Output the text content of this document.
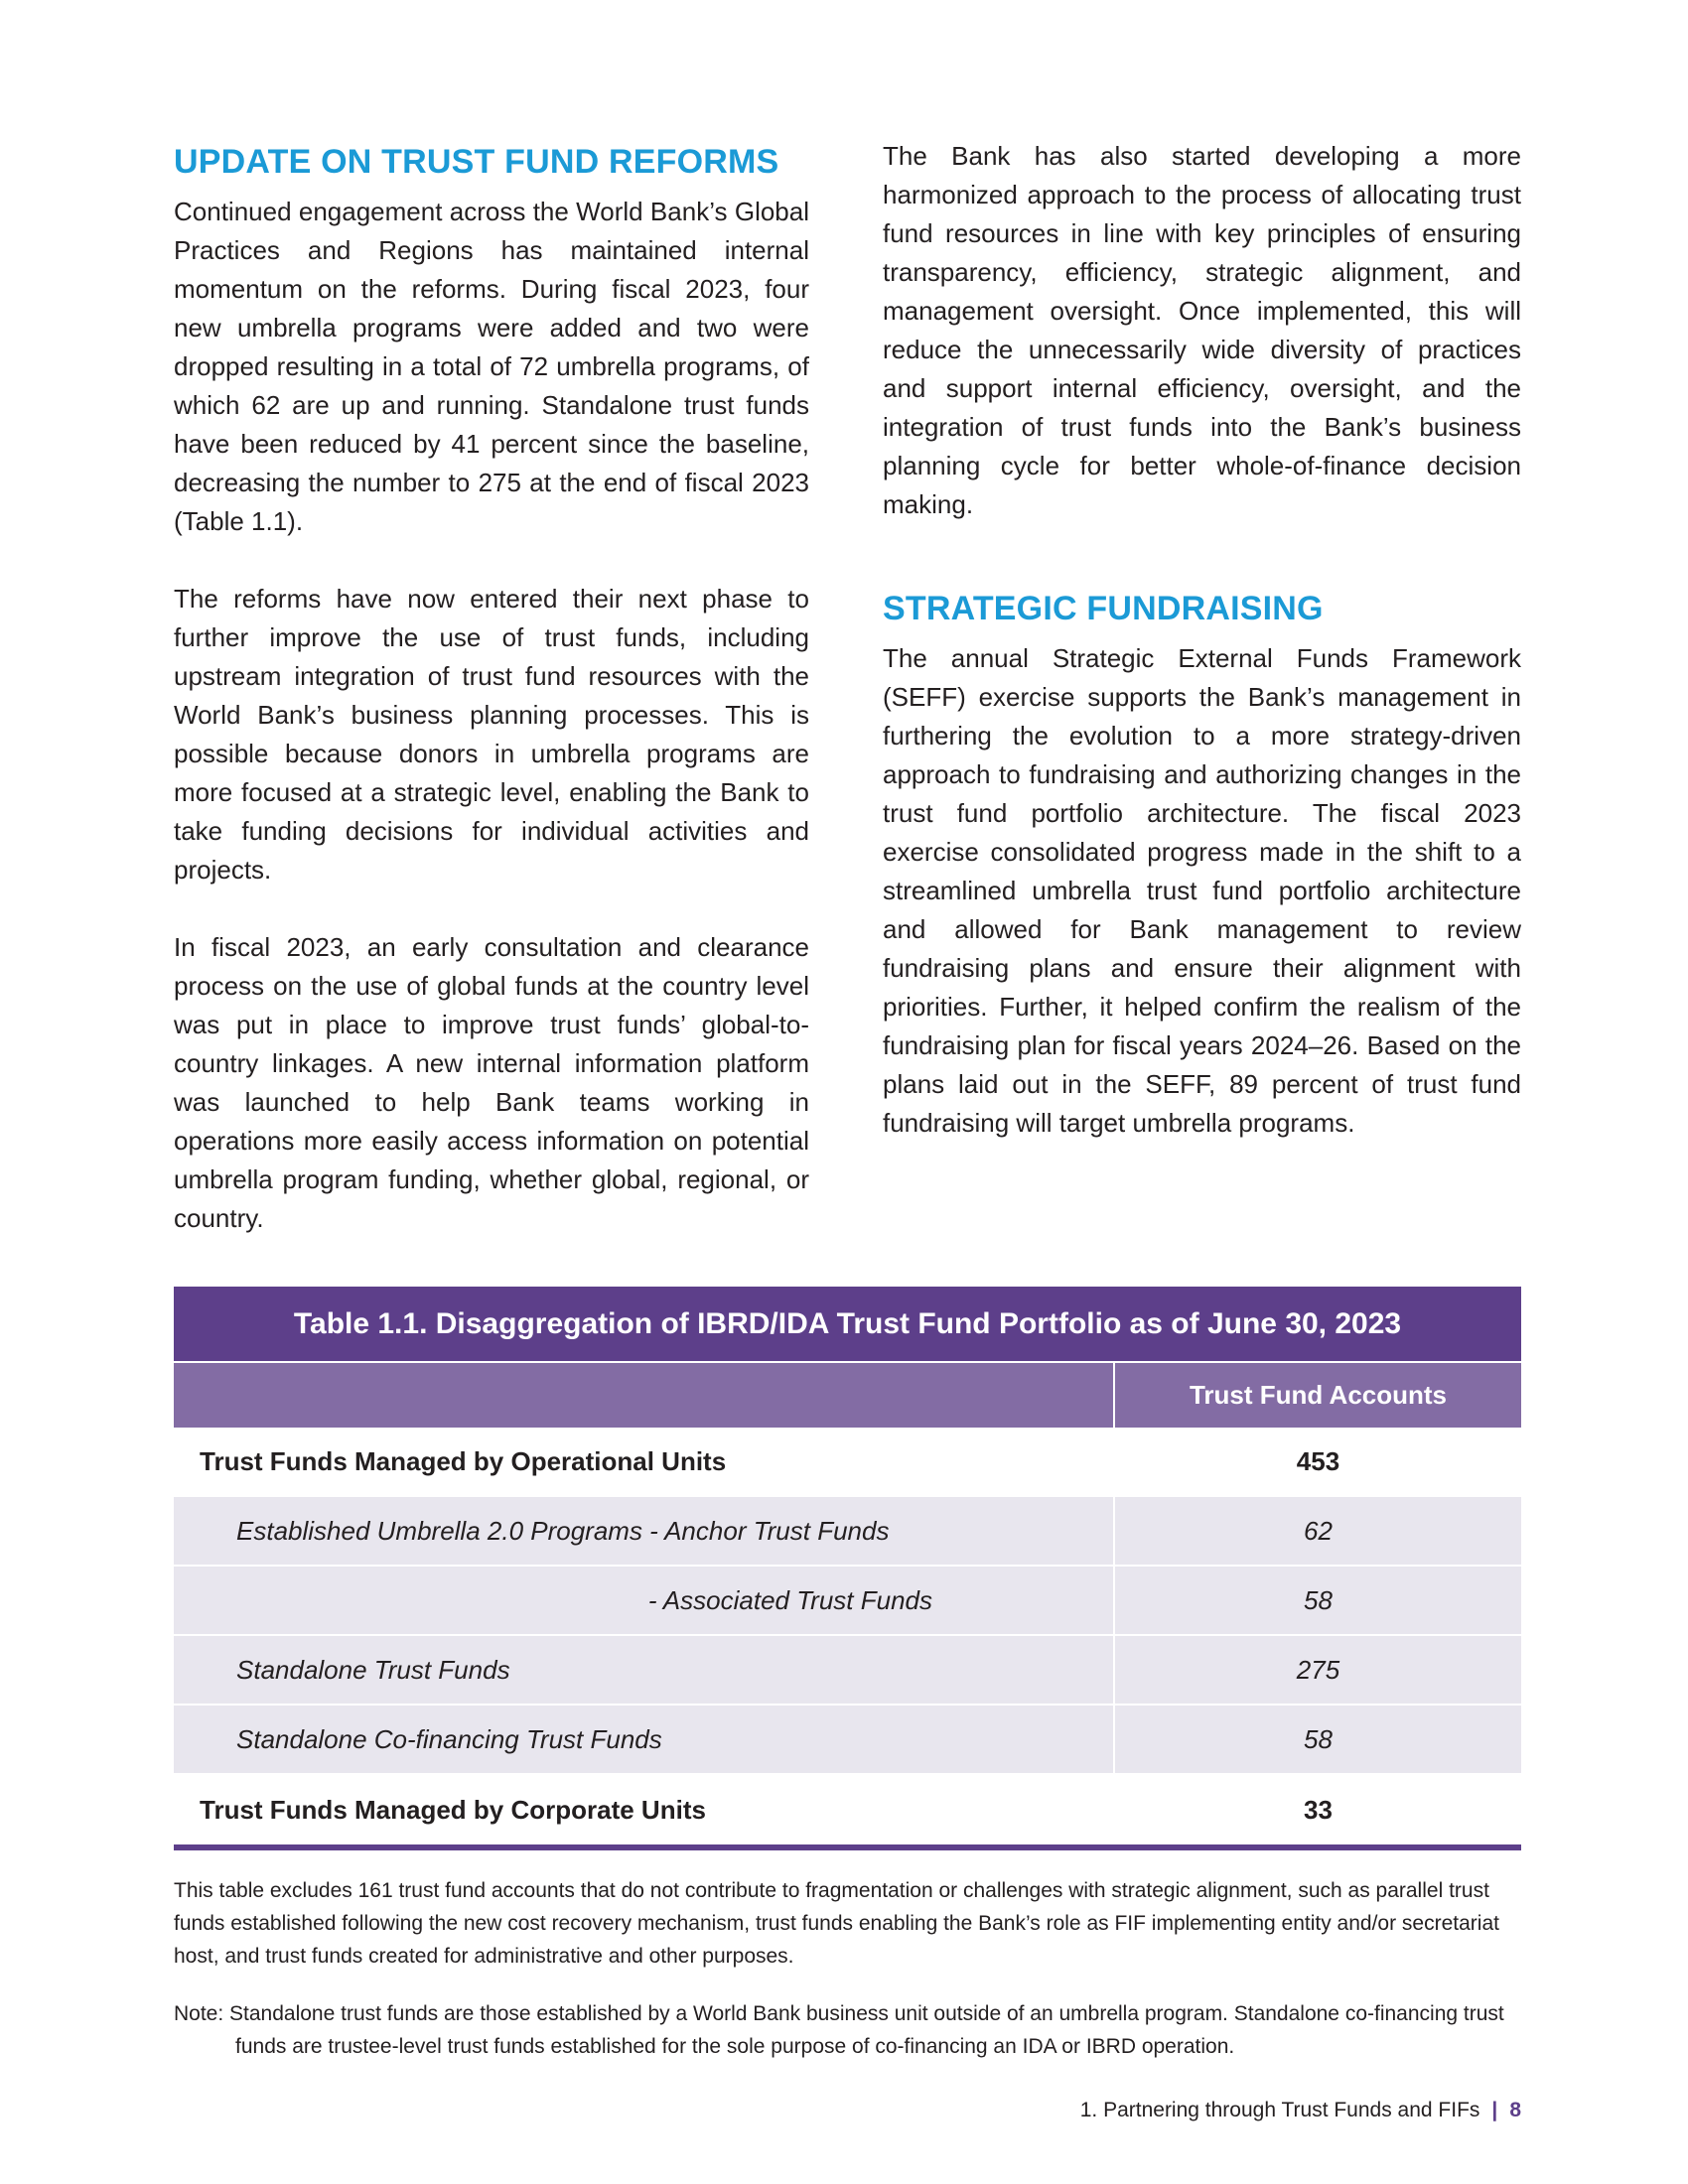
UPDATE ON TRUST FUND REFORMS

Continued engagement across the World Bank’s Global Practices and Regions has maintained internal momentum on the reforms. During fiscal 2023, four new umbrella programs were added and two were dropped resulting in a total of 72 umbrella programs, of which 62 are up and running. Standalone trust funds have been reduced by 41 percent since the baseline, decreasing the number to 275 at the end of fiscal 2023 (Table 1.1).

The reforms have now entered their next phase to further improve the use of trust funds, including upstream integration of trust fund resources with the World Bank’s business planning processes. This is possible because donors in umbrella programs are more focused at a strategic level, enabling the Bank to take funding decisions for individual activities and projects.

In fiscal 2023, an early consultation and clearance process on the use of global funds at the country level was put in place to improve trust funds’ global-to-country linkages. A new internal information platform was launched to help Bank teams working in operations more easily access information on potential umbrella program funding, whether global, regional, or country.

The Bank has also started developing a more harmonized approach to the process of allocating trust fund resources in line with key principles of ensuring transparency, efficiency, strategic alignment, and management oversight. Once implemented, this will reduce the unnecessarily wide diversity of practices and support internal efficiency, oversight, and the integration of trust funds into the Bank’s business planning cycle for better whole-of-finance decision making.

STRATEGIC FUNDRAISING

The annual Strategic External Funds Framework (SEFF) exercise supports the Bank’s management in furthering the evolution to a more strategy-driven approach to fundraising and authorizing changes in the trust fund portfolio architecture. The fiscal 2023 exercise consolidated progress made in the shift to a streamlined umbrella trust fund portfolio architecture and allowed for Bank management to review fundraising plans and ensure their alignment with priorities. Further, it helped confirm the realism of the fundraising plan for fiscal years 2024–26. Based on the plans laid out in the SEFF, 89 percent of trust fund fundraising will target umbrella programs.

Table 1.1. Disaggregation of IBRD/IDA Trust Fund Portfolio as of June 30, 2023
Trust Fund Accounts
Trust Funds Managed by Operational Units	453
Established Umbrella 2.0 Programs - Anchor Trust Funds	62
- Associated Trust Funds	58
Standalone Trust Funds	275
Standalone Co-financing Trust Funds	58
Trust Funds Managed by Corporate Units	33

This table excludes 161 trust fund accounts that do not contribute to fragmentation or challenges with strategic alignment, such as parallel trust funds established following the new cost recovery mechanism, trust funds enabling the Bank’s role as FIF implementing entity and/or secretariat host, and trust funds created for administrative and other purposes.

Note: Standalone trust funds are those established by a World Bank business unit outside of an umbrella program. Standalone co-financing trust funds are trustee-level trust funds established for the sole purpose of co-financing an IDA or IBRD operation.

1. Partnering through Trust Funds and FIFs | 8
